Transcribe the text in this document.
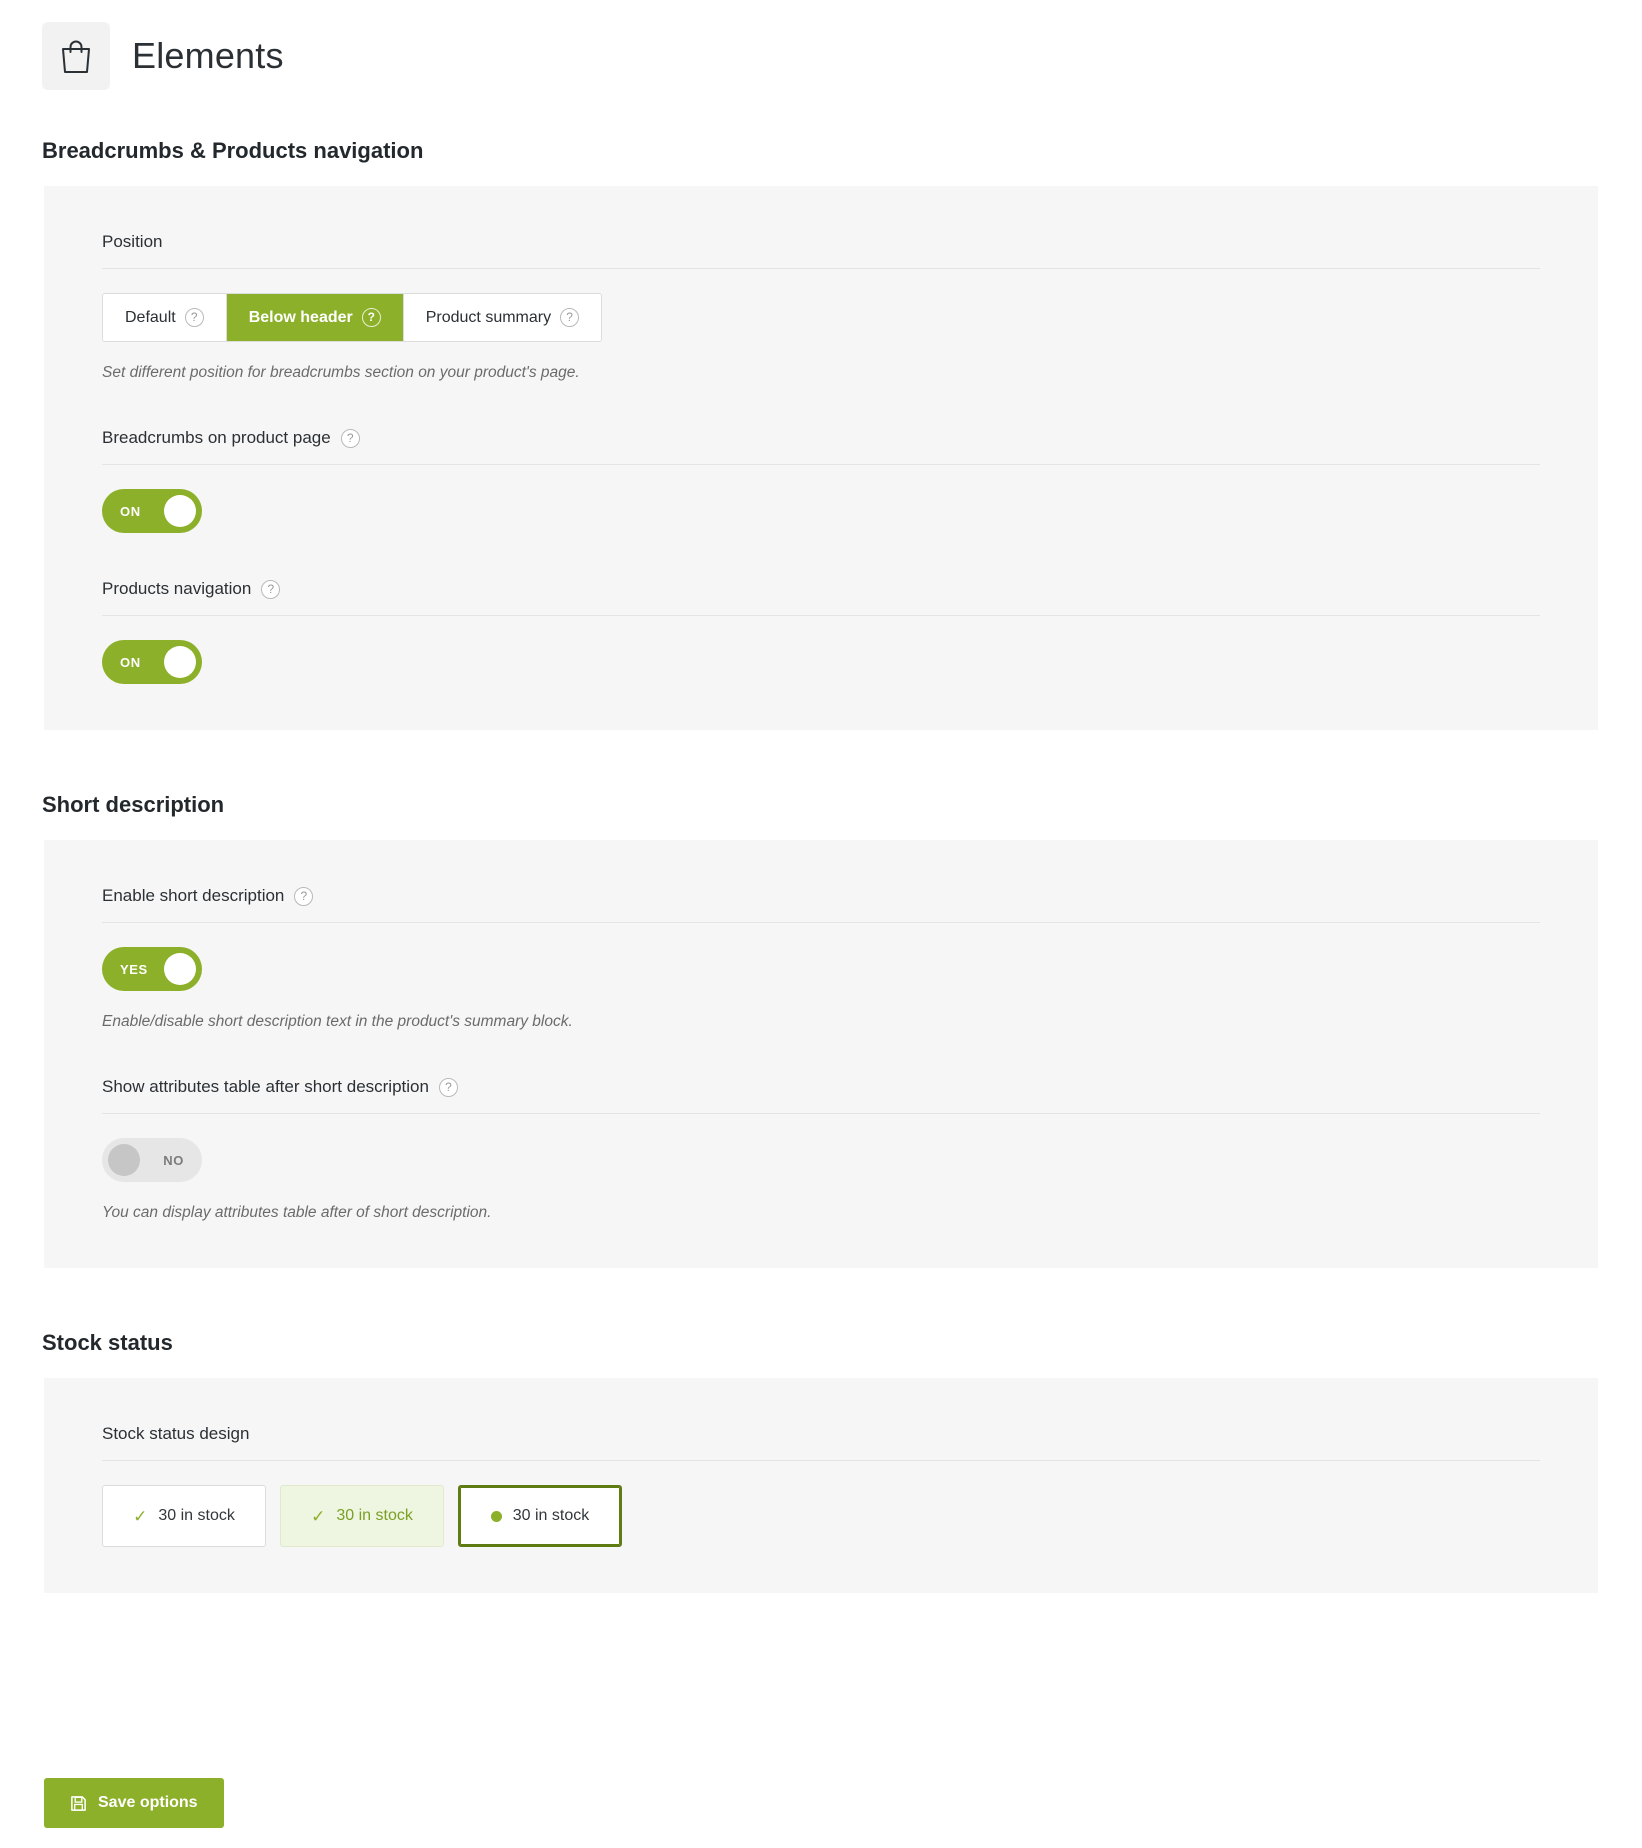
Elements
Breadcrumbs & Products navigation
Position
Default	?	Below header	?	Product summary	?
Set different position for breadcrumbs section on your product's page.
Breadcrumbs on product page	?
ON
Products navigation	?
ON
Short description
Enable short description	?
YES
Enable/disable short description text in the product's summary block.
Show attributes table after short description	?
NO
You can display attributes table after of short description.
Stock status
Stock status design
✓ 30 in stock	✓ 30 in stock	30 in stock
Save options
